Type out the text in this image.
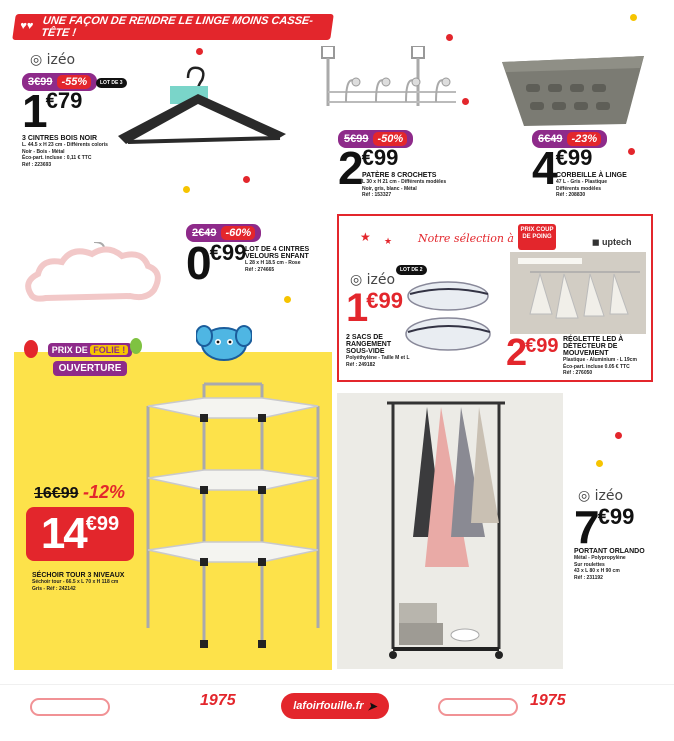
♥♥ UNE FAÇON DE RENDRE LE LINGE MOINS CASSE-TÊTE !
◎ izéo
3€99 -55%	LOT DE 3
1€79
3 CINTRES BOIS NOIR
L. 44.5 x H 23 cm - Différents coloris
Noir - Bois - Métal
Éco-part. incluse : 0,11 € TTC
Réf : 223693
5€99 -50%
2€99
PATÈRE 8 CROCHETS
L 30 x H 21 cm - Différents modèles
Noir, gris, blanc - Métal
Réf : 153327
6€49 -23%
4€99
CORBEILLE À LINGE
47 L - Gris - Plastique
Différents modèles
Réf : 208830
2€49 -60%
0€99
LOT DE 4 CINTRES VELOURS ENFANT
L 28 x H 18.5 cm - Rose
Réf : 274665
★ ★ Notre sélection à
PRIX COUP DE POING
◼ uptech
◎ izéo
LOT DE 2
1€99
2 SACS DE RANGEMENT SOUS-VIDE
Polyéthylène - Taille M et L
Réf : 249182	2€99 RÉGLETTE LED À DÉTECTEUR DE MOUVEMENT
Plastique - Aluminium - L 19cm
Éco-part. incluse 0.05 € TTC
Réf : 276050
PRIX DE FOLIE ! OUVERTURE
16€99 -12%
14 €99
SÉCHOIR TOUR 3 NIVEAUX
Séchoir tour - 66.5 x L 70 x H 118 cm
Gris - Réf : 242142
◎ izéo
7€99
PORTANT ORLANDO
Métal - Polypropylène
Sur roulettes
43 x L 80 x H 90 cm
Réf : 231192
1975	1975
lafoirfouille.fr ➤
